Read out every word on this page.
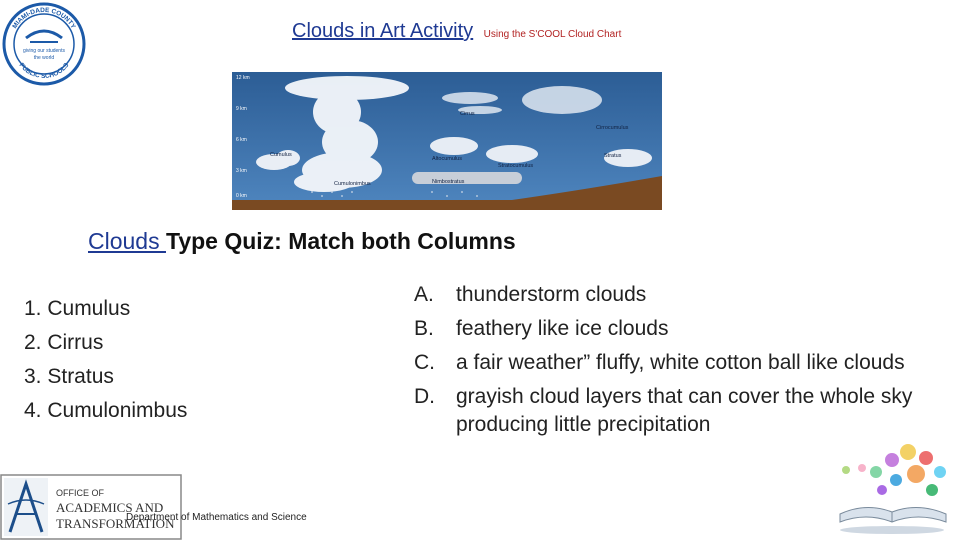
MIAMI-DADE COUNTY
PUBLIC SCHOOLS
giving our students
the world
Clouds in Art Activity Using the S'COOL Cloud Chart
12 km
9 km
6 km
3 km
0 km
Cirrus
Cirrocumulus
Cumulus
Altocumulus
Stratocumulus
Stratus
Cumulonimbus	Nimbostratus
Clouds Type Quiz: Match both Columns
1. Cumulus
2. Cirrus
3. Stratus
4. Cumulonimbus
A.	thunderstorm clouds
B.	feathery like ice clouds
C.	a fair weather” fluffy, white cotton ball like clouds
D.	grayish cloud layers that can cover the whole sky producing little precipitation
OFFICE OF
ACADEMICS AND
TRANSFORMATION
Department of Mathematics and Science
